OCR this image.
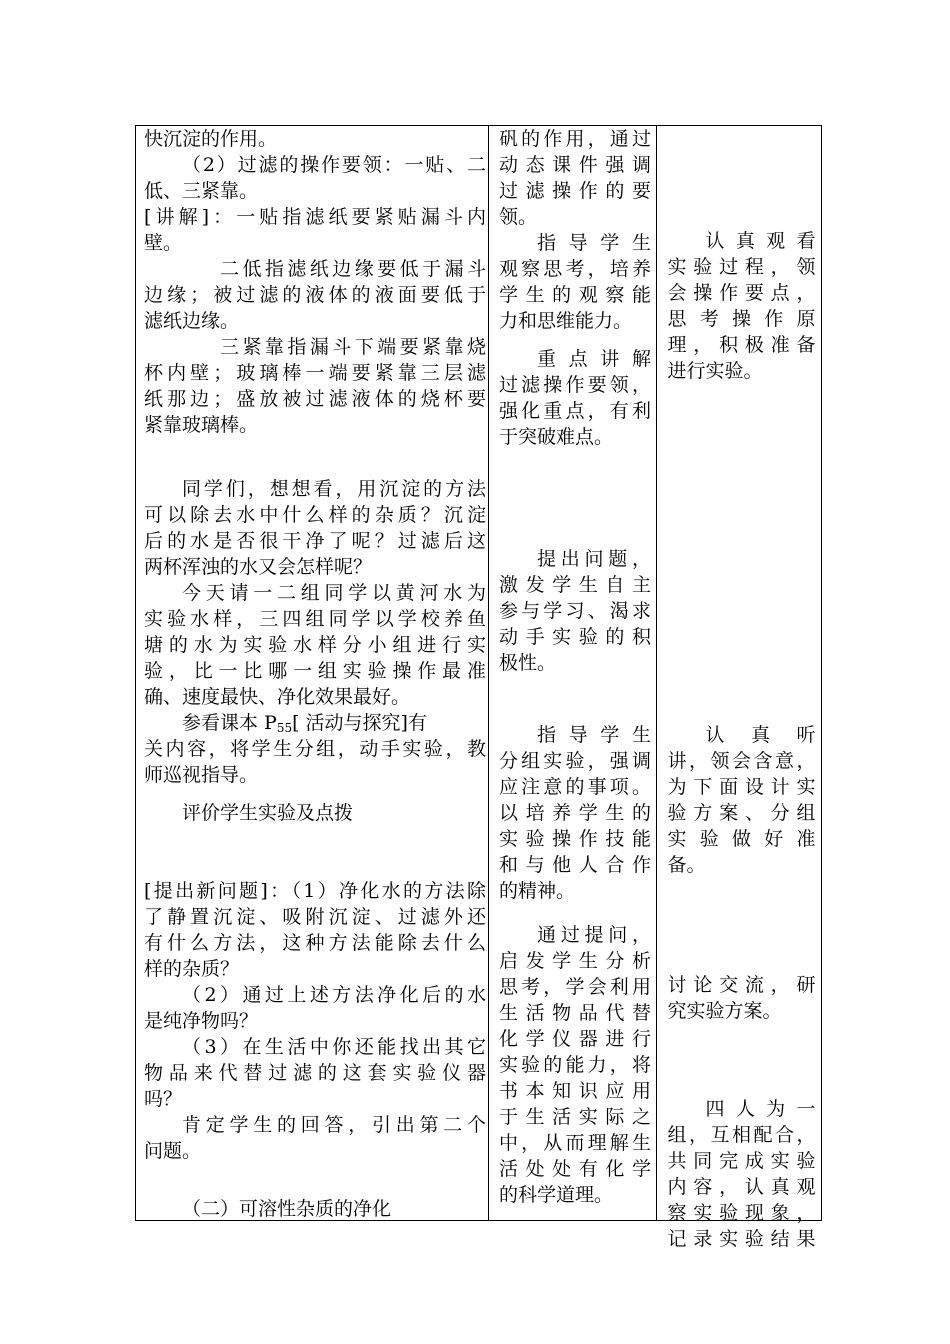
快沉淀的作用。
（2）过滤的操作要领：一贴、二
低、三紧靠。
[讲解]：一贴指滤纸要紧贴漏斗内
壁。
二低指滤纸边缘要低于漏斗
边缘；被过滤的液体的液面要低于
滤纸边缘。
三紧靠指漏斗下端要紧靠烧
杯内壁；玻璃棒一端要紧靠三层滤
纸那边；盛放被过滤液体的烧杯要
紧靠玻璃棒。
同学们，想想看，用沉淀的方法
可以除去水中什么样的杂质？沉淀
后的水是否很干净了呢？过滤后这
两杯浑浊的水又会怎样呢？
今天请一二组同学以黄河水为
实验水样，三四组同学以学校养鱼
塘的水为实验水样分小组进行实
验，比一比哪一组实验操作最准
确、速度最快、净化效果最好。
参看课本 $P_{55}$[ 活动与探究]有
关内容，将学生分组，动手实验，教
师巡视指导。
评价学生实验及点拨
[提出新问题]：（1）净化水的方法除
了静置沉淀、吸附沉淀、过滤外还
有什么方法，这种方法能除去什么
样的杂质？
（2）通过上述方法净化后的水
是纯净物吗？
（3）在生活中你还能找出其它
物品来代替过滤的这套实验仪器
吗？
肯定学生的回答，引出第二个
问题。
（二）可溶性杂质的净化
矾的作用，通过
动态课件强调
过滤操作的要
领。
指导学生
观察思考，培养
学生的观察能
力和思维能力。
重点讲解
过滤操作要领，
强化重点，有利
于突破难点。
提出问题，
激发学生自主
参与学习、渴求
动手实验的积
极性。
指导学生
分组实验，强调
应注意的事项。
以培养学生的
实验操作技能
和与他人合作
的精神。
通过提问，
启发学生分析
思考，学会利用
生活物品代替
化学仪器进行
实验的能力，将
书本知识应用
于生活实际之
中，从而理解生
活处处有化学
的科学道理。
认真观看
实验过程，领
会操作要点，
思考操作原
理，积极准备
进行实验。
认真听
讲，领会含意，
为下面设计实
验方案、分组
实验做好准
备。
讨论交流，研
究实验方案。
四人为一
组，互相配合，
共同完成实验
内容，认真观
察实验现象，
记录实验结果
